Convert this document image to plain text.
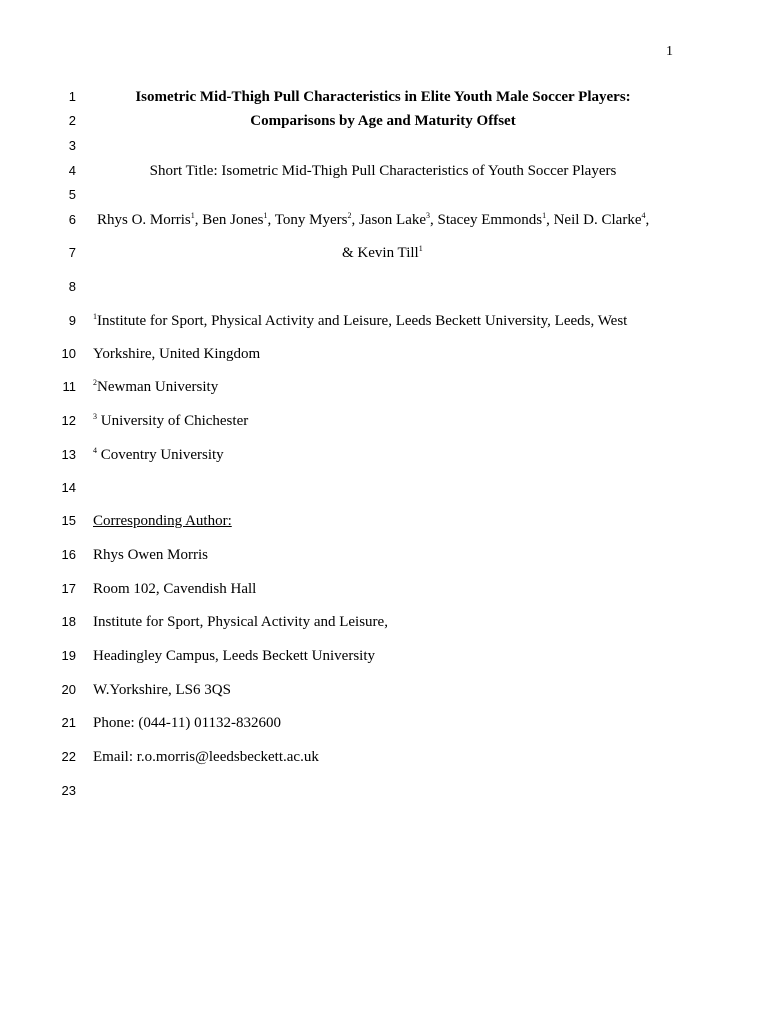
1
1	Isometric Mid-Thigh Pull Characteristics in Elite Youth Male Soccer Players:
2	Comparisons by Age and Maturity Offset
3
4	Short Title: Isometric Mid-Thigh Pull Characteristics of Youth Soccer Players
5
6 Rhys O. Morris$^1$, Ben Jones$^1$, Tony Myers$^2$, Jason Lake$^3$, Stacey Emmonds$^1$, Neil D. Clarke$^4$,
7	& Kevin Till$^1$
8
9 $^1$Institute for Sport, Physical Activity and Leisure, Leeds Beckett University, Leeds, West
10 Yorkshire, United Kingdom
11 $^2$Newman University
12 $^3$ University of Chichester
13 $^4$ Coventry University
14
15 Corresponding Author:
16 Rhys Owen Morris
17 Room 102, Cavendish Hall
18 Institute for Sport, Physical Activity and Leisure,
19 Headingley Campus, Leeds Beckett University
20 W.Yorkshire, LS6 3QS
21 Phone: (044-11) 01132-832600
22 Email: r.o.morris@leedsbeckett.ac.uk
23
